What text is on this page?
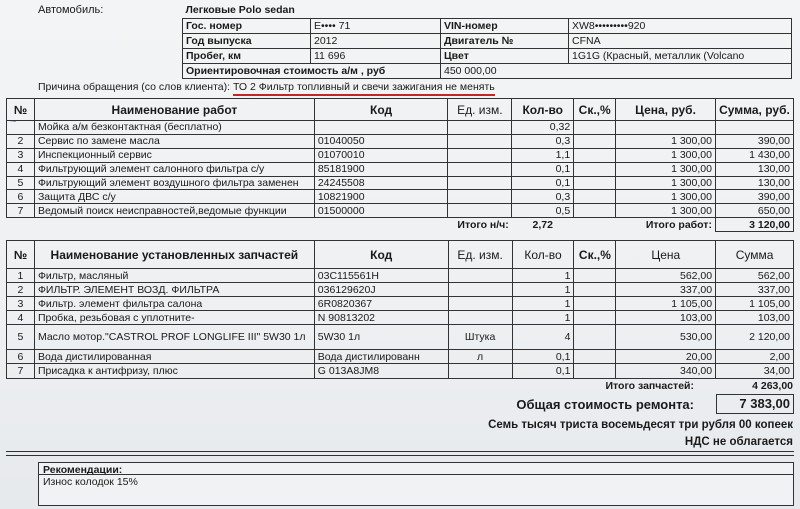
Автомобиль:	Легковые Polo sedan			
Гос. номер	E•••• 71	VIN-номер	XW8•••••••••920
Год выпуска	2012	Двигатель №	CFNA
Пробег, км	11 696	Цвет	1G1G (Красный, металлик (Volcano
Ориентировочная стоимость а/м , руб		450 000,00	
Причина обращения (со слов клиента): ТО 2 Фильтр топливный и свечи зажигания не менять
~
№	Наименование работ	Код	Ед. изм.	Кол-во	Ск.,%	Цена, руб.	Сумма, руб.
	Мойка а/м безконтактная (бесплатно)			0,32			
2	Сервис по замене масла	01040050		0,3		1 300,00	390,00
3	Инспекционный сервис	01070010		1,1		1 300,00	1 430,00
4	Фильтрующий элемент салонного фильтра с/у	85181900		0,1		1 300,00	130,00
5	Фильтрующий элемент воздушного фильтра заменен	24245508		0,1		1 300,00	130,00
6	Защита ДВС с/у	10821900		0,3		1 300,00	390,00
7	Ведомый поиск неисправностей,ведомые функции	01500000		0,5		1 300,00	650,00
			Итого н/ч:	2,72	Итого работ:		3 120,00
№	Наименование установленных запчастей	Код	Ед. изм.	Кол-во	Ск.,%	Цена	Сумма
1	Фильтр, масляный	03C115561H		1		562,00	562,00
2	ФИЛЬТР. ЭЛЕМЕНТ ВОЗД. ФИЛЬТРА	036129620J		1		337,00	337,00
3	Фильтр. элемент фильтра салона	6R0820367		1		1 105,00	1 105,00
4	Пробка, резьбовая с уплотните-	N 90813202		1		103,00	103,00
5	Масло мотор."CASTROL PROF LONGLIFE III" 5W30 1л	5W30 1л	Штука	4		530,00	2 120,00
6	Вода дистилированная	Вода дистилированн	л	0,1		20,00	2,00
7	Присадка к антифризу, плюс	G 013A8JM8		0,1		340,00	34,00
Итого запчастей:	4 263,00
Общая стоимость ремонта:	7 383,00
Семь тысяч триста восемьдесят три рубля 00 копеек
НДС не облагается
Рекомендации:
Износ колодок 15%
